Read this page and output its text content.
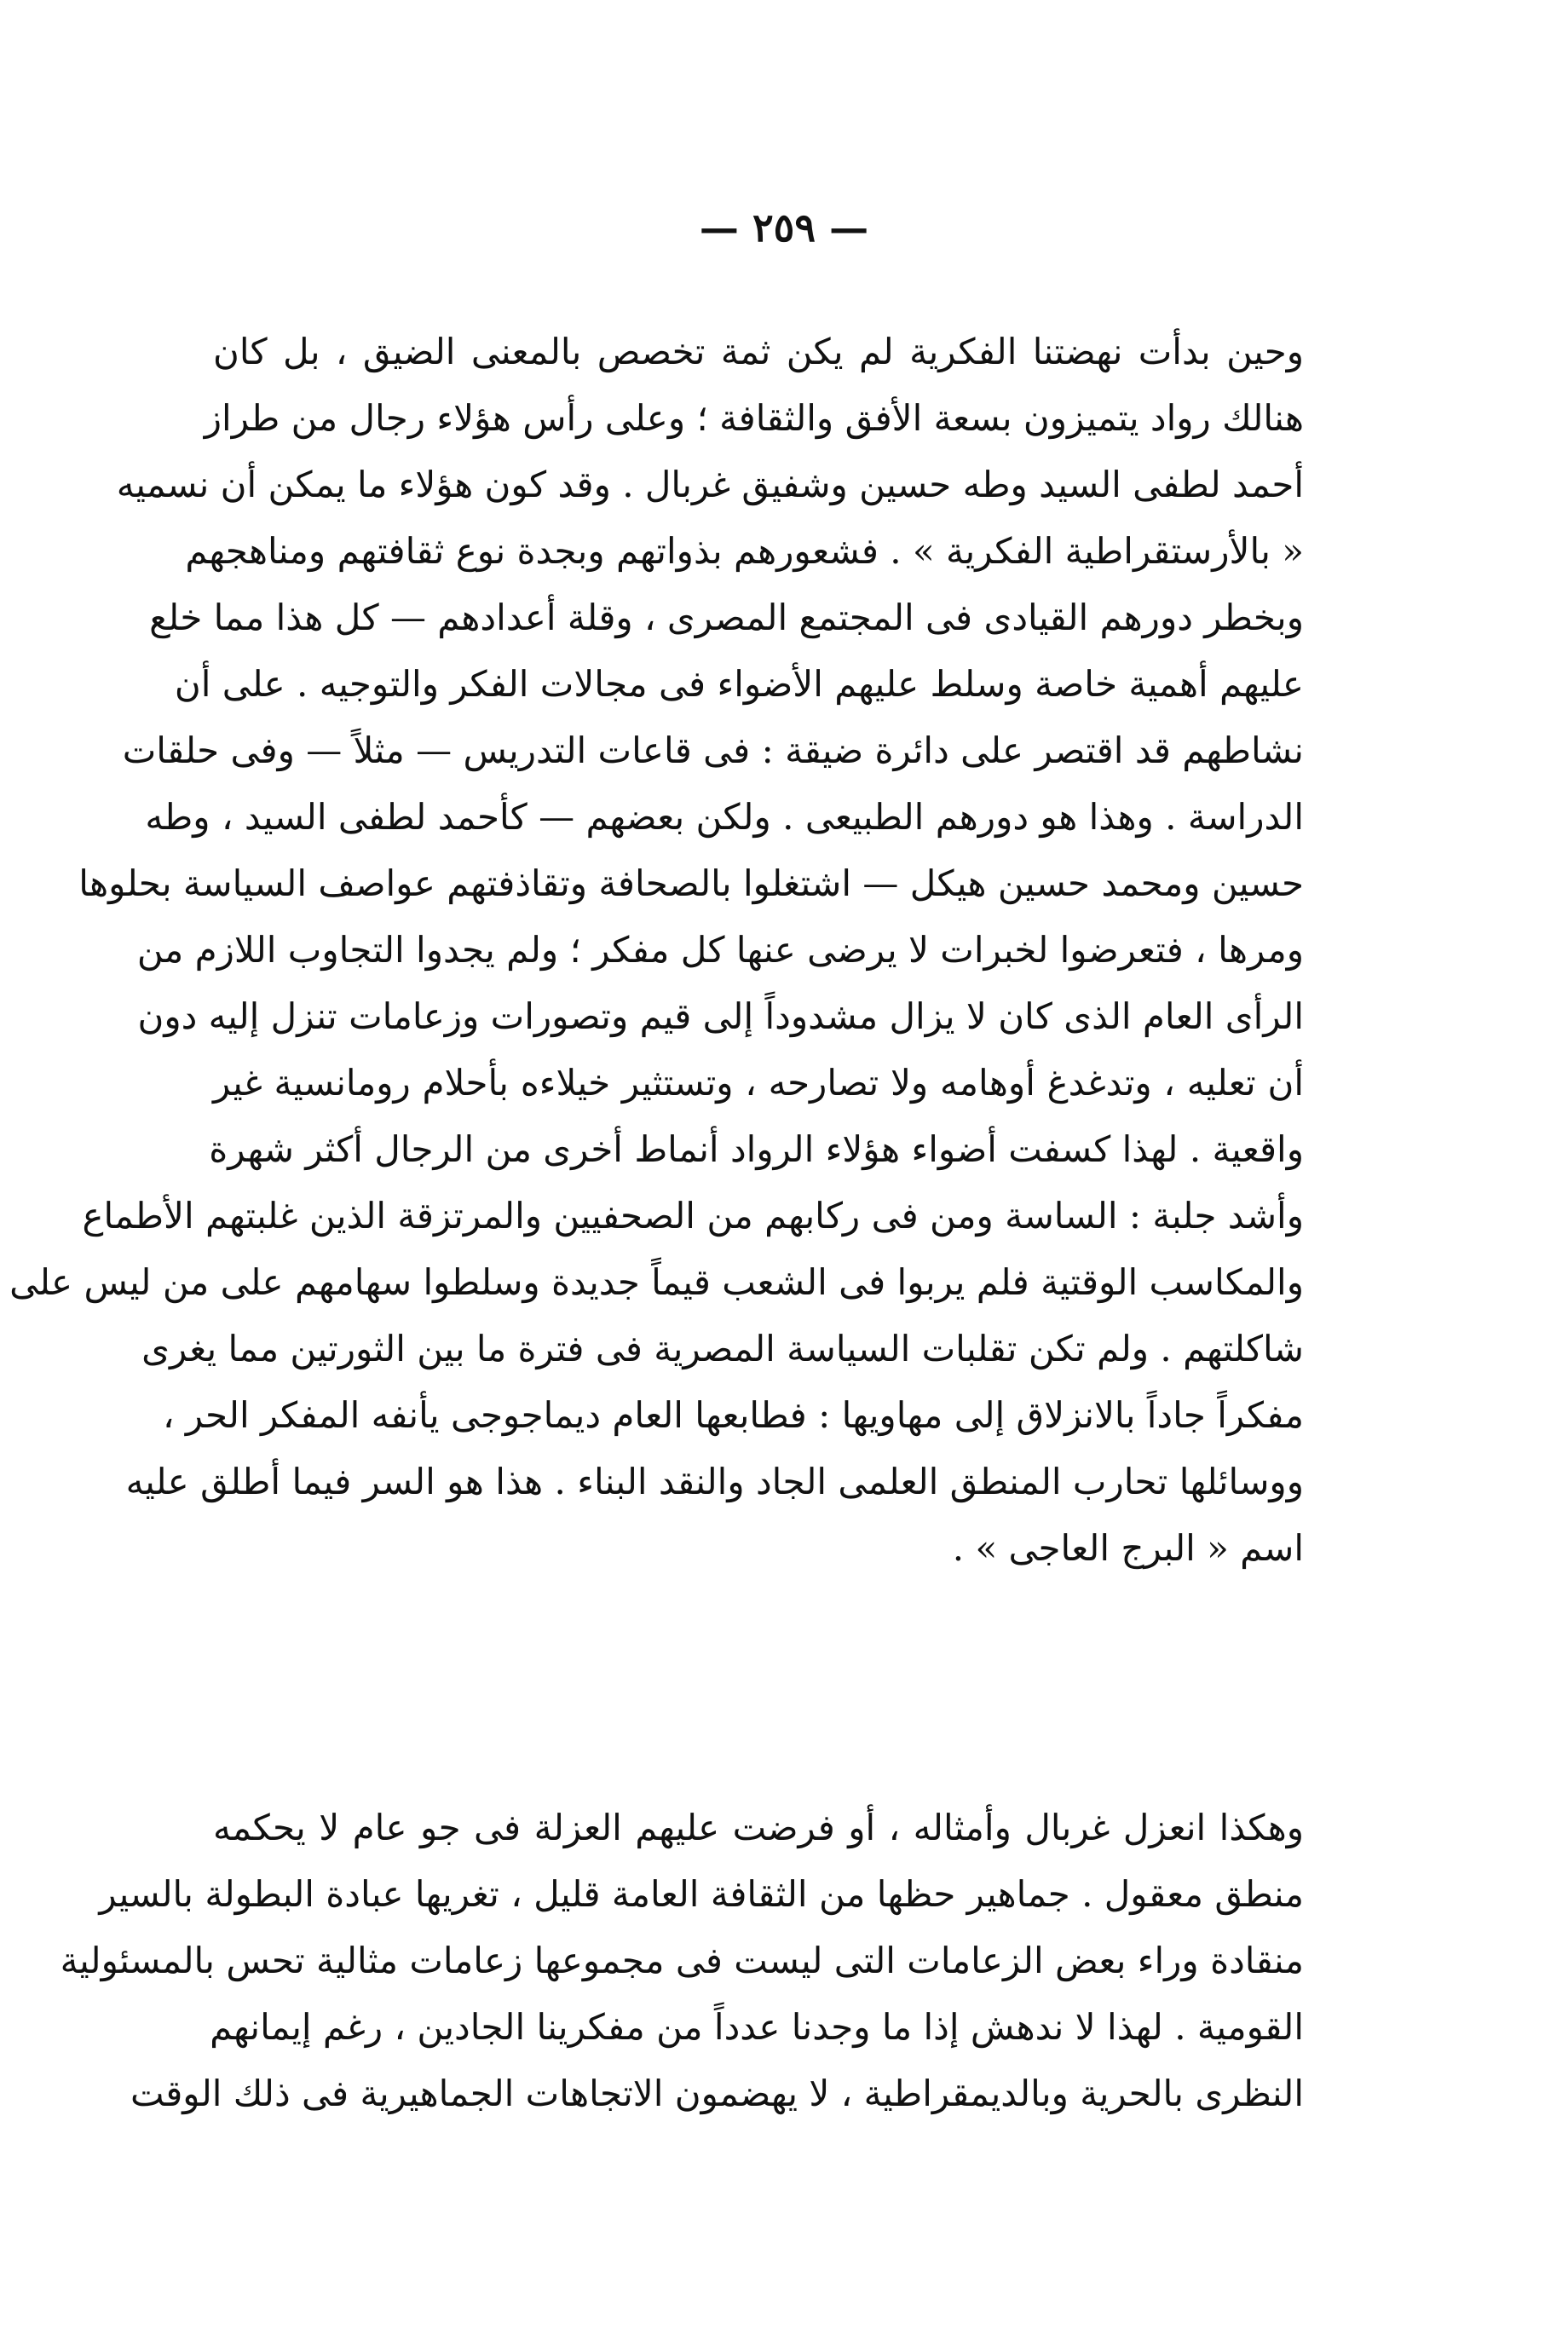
— ٢٥٩ —
وحين بدأت نهضتنا الفكرية لم يكن ثمة تخصص بالمعنى الضيق ، بل كان
هنالك رواد يتميزون بسعة الأفق والثقافة ؛ وعلى رأس هؤلاء رجال من طراز
أحمد لطفى السيد وطه حسين وشفيق غربال . وقد كون هؤلاء ما يمكن أن نسميه
« بالأرستقراطية الفكرية » . فشعورهم بذواتهم وبجدة نوع ثقافتهم ومناهجهم
وبخطر دورهم القيادى فى المجتمع المصرى ، وقلة أعدادهم — كل هذا مما خلع
عليهم أهمية خاصة وسلط عليهم الأضواء فى مجالات الفكر والتوجيه . على أن
نشاطهم قد اقتصر على دائرة ضيقة : فى قاعات التدريس — مثلاً — وفى حلقات
الدراسة . وهذا هو دورهم الطبيعى . ولكن بعضهم — كأحمد لطفى السيد ، وطه
حسين ومحمد حسين هيكل — اشتغلوا بالصحافة وتقاذفتهم عواصف السياسة بحلوها
ومرها ، فتعرضوا لخبرات لا يرضى عنها كل مفكر ؛ ولم يجدوا التجاوب اللازم من
الرأى العام الذى كان لا يزال مشدوداً إلى قيم وتصورات وزعامات تنزل إليه دون
أن تعليه ، وتدغدغ أوهامه ولا تصارحه ، وتستثير خيلاءه بأحلام رومانسية غير
واقعية . لهذا كسفت أضواء هؤلاء الرواد أنماط أخرى من الرجال أكثر شهرة
وأشد جلبة : الساسة ومن فى ركابهم من الصحفيين والمرتزقة الذين غلبتهم الأطماع
والمكاسب الوقتية فلم يربوا فى الشعب قيماً جديدة وسلطوا سهامهم على من ليس على
شاكلتهم . ولم تكن تقلبات السياسة المصرية فى فترة ما بين الثورتين مما يغرى
مفكراً جاداً بالانزلاق إلى مهاويها : فطابعها العام ديماجوجى يأنفه المفكر الحر ،
ووسائلها تحارب المنطق العلمى الجاد والنقد البناء . هذا هو السر فيما أطلق عليه
اسم « البرج العاجى » .
وهكذا انعزل غربال وأمثاله ، أو فرضت عليهم العزلة فى جو عام لا يحكمه
منطق معقول . جماهير حظها من الثقافة العامة قليل ، تغريها عبادة البطولة بالسير
منقادة وراء بعض الزعامات التى ليست فى مجموعها زعامات مثالية تحس بالمسئولية
القومية . لهذا لا ندهش إذا ما وجدنا عدداً من مفكرينا الجادين ، رغم إيمانهم
النظرى بالحرية وبالديمقراطية ، لا يهضمون الاتجاهات الجماهيرية فى ذلك الوقت
